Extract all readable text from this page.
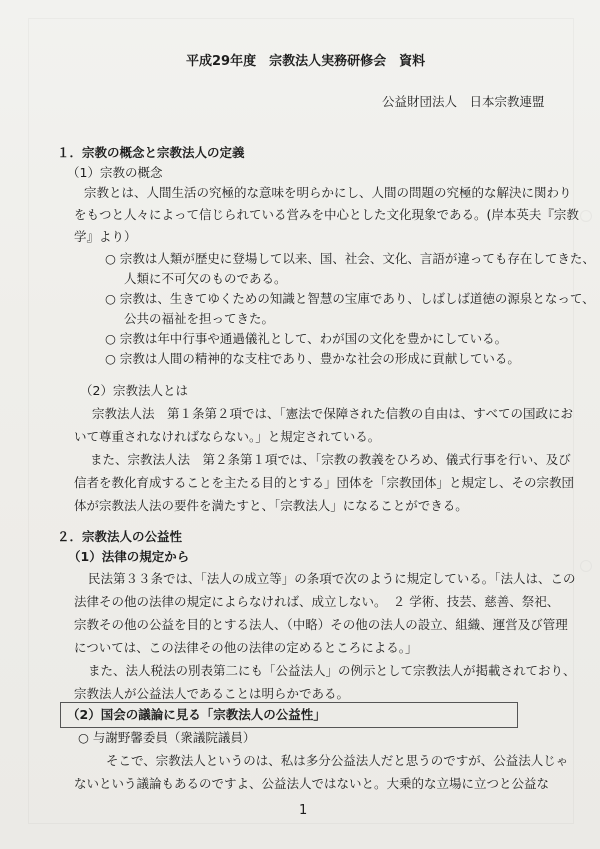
平成29年度　宗教法人実務研修会　資料
公益財団法人　日本宗教連盟
１．宗教の概念と宗教法人の定義
（1）宗教の概念
宗教とは、人間生活の究極的な意味を明らかにし、人間の問題の究極的な解決に関わり
をもつと人々によって信じられている営みを中心とした文化現象である。(岸本英夫『宗教
学』より）
○ 宗教は人類が歴史に登場して以来、国、社会、文化、言語が違っても存在してきた、
人類に不可欠のものである。
○ 宗教は、生きてゆくための知識と智慧の宝庫であり、しばしば道徳の源泉となって、
公共の福祉を担ってきた。
○ 宗教は年中行事や通過儀礼として、わが国の文化を豊かにしている。
○ 宗教は人間の精神的な支柱であり、豊かな社会の形成に貢献している。
（2）宗教法人とは
宗教法人法　第１条第２項では、「憲法で保障された信教の自由は、すべての国政にお
いて尊重されなければならない。」と規定されている。
また、宗教法人法　第２条第１項では、「宗教の教義をひろめ、儀式行事を行い、及び
信者を教化育成することを主たる目的とする」団体を「宗教団体」と規定し、その宗教団
体が宗教法人法の要件を満たすと、「宗教法人」になることができる。
２．宗教法人の公益性
（1）法律の規定から
民法第３３条では、「法人の成立等」の条項で次のように規定している。「法人は、この
法律その他の法律の規定によらなければ、成立しない。　２ 学術、技芸、慈善、祭祀、
宗教その他の公益を目的とする法人、（中略）その他の法人の設立、組織、運営及び管理
については、この法律その他の法律の定めるところによる。」
また、法人税法の別表第二にも「公益法人」の例示として宗教法人が掲載されており、
宗教法人が公益法人であることは明らかである。
（2）国会の議論に見る「宗教法人の公益性」
○ 与謝野馨委員（衆議院議員）
そこで、宗教法人というのは、私は多分公益法人だと思うのですが、公益法人じゃ
ないという議論もあるのですよ、公益法人ではないと。大乗的な立場に立つと公益な
1
